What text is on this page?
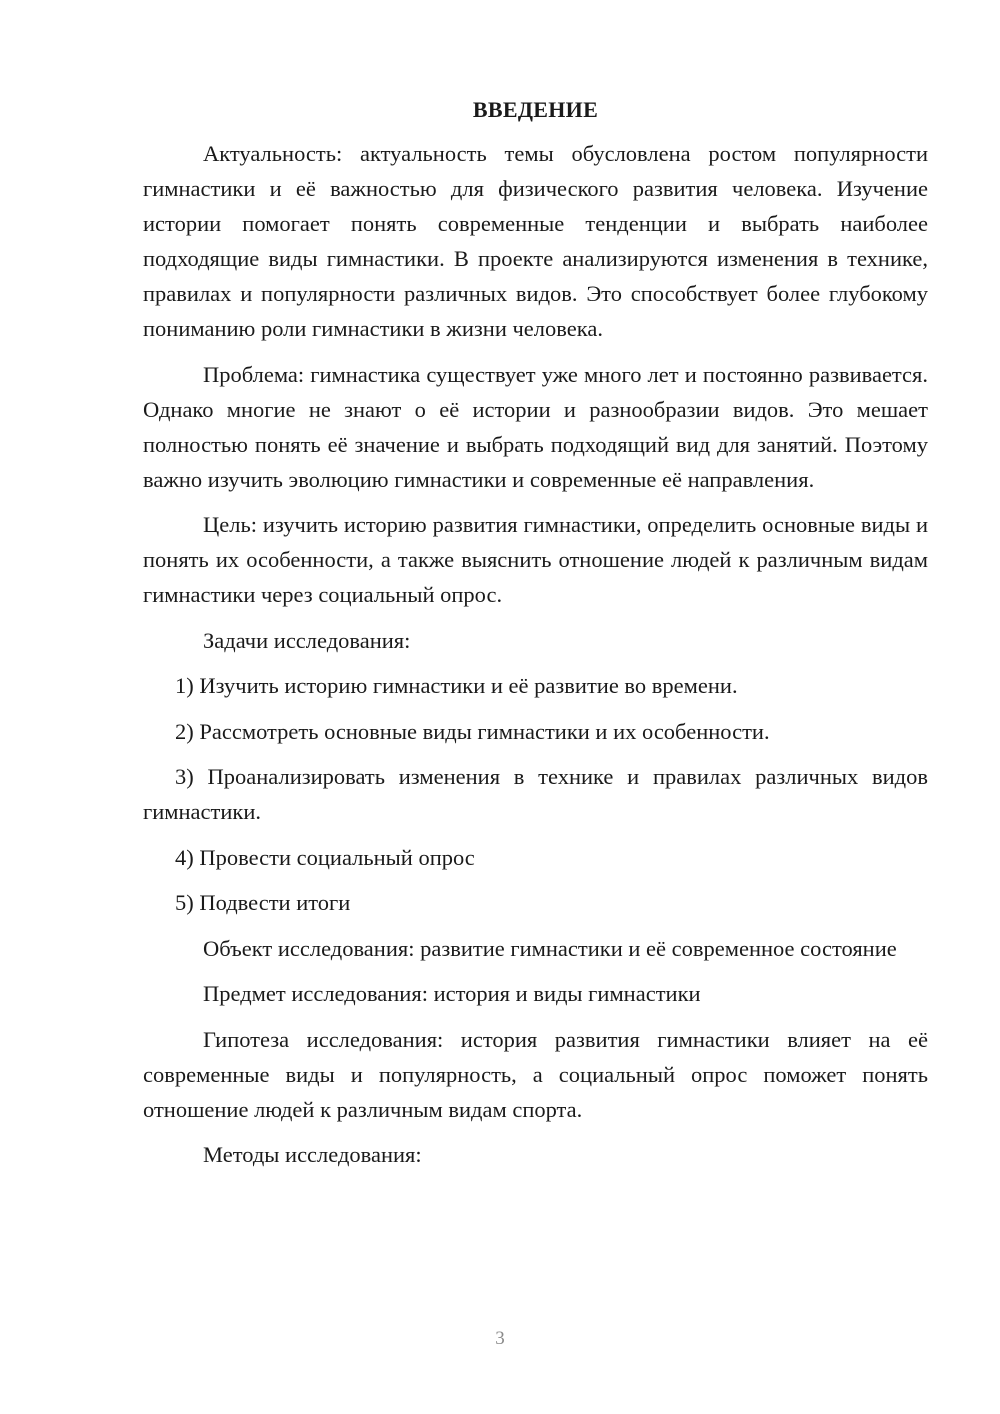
ВВЕДЕНИЕ

Актуальность: актуальность темы обусловлена ростом популярности гимнастики и её важностью для физического развития человека. Изучение истории помогает понять современные тенденции и выбрать наиболее подходящие виды гимнастики. В проекте анализируются изменения в технике, правилах и популярности различных видов. Это способствует более глубокому пониманию роли гимнастики в жизни человека.

Проблема: гимнастика существует уже много лет и постоянно развивается. Однако многие не знают о её истории и разнообразии видов. Это мешает полностью понять её значение и выбрать подходящий вид для занятий. Поэтому важно изучить эволюцию гимнастики и современные её направления.

Цель: изучить историю развития гимнастики, определить основные виды и понять их особенности, а также выяснить отношение людей к различным видам гимнастики через социальный опрос.

Задачи исследования:

1) Изучить историю гимнастики и её развитие во времени.

2) Рассмотреть основные виды гимнастики и их особенности.

3) Проанализировать изменения в технике и правилах различных видов гимнастики.

4) Провести социальный опрос

5) Подвести итоги

Объект исследования: развитие гимнастики и её современное состояние

Предмет исследования: история и виды гимнастики

Гипотеза исследования: история развития гимнастики влияет на её современные виды и популярность, а социальный опрос поможет понять отношение людей к различным видам спорта.

Методы исследования:

3
